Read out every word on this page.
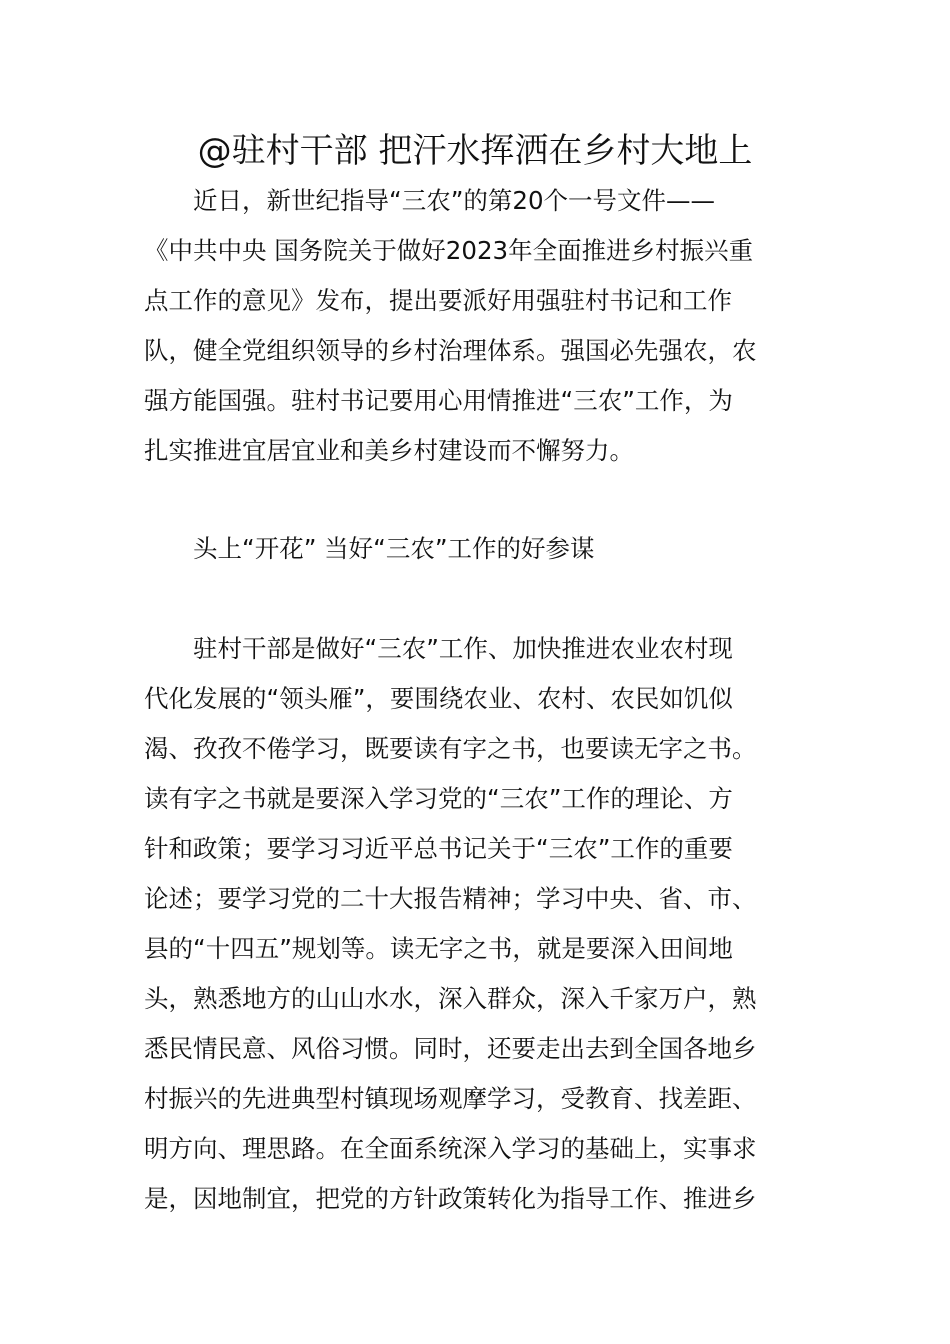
@驻村干部 把汗水挥洒在乡村大地上
近日，新世纪指导“三农”的第20个一号文件——
《中共中央 国务院关于做好2023年全面推进乡村振兴重
点工作的意见》发布，提出要派好用强驻村书记和工作
队，健全党组织领导的乡村治理体系。强国必先强农，农
强方能国强。驻村书记要用心用情推进“三农”工作，为
扎实推进宜居宜业和美乡村建设而不懈努力。
头上“开花” 当好“三农”工作的好参谋
驻村干部是做好“三农”工作、加快推进农业农村现
代化发展的“领头雁”，要围绕农业、农村、农民如饥似
渴、孜孜不倦学习，既要读有字之书，也要读无字之书。
读有字之书就是要深入学习党的“三农”工作的理论、方
针和政策；要学习习近平总书记关于“三农”工作的重要
论述；要学习党的二十大报告精神；学习中央、省、市、
县的“十四五”规划等。读无字之书，就是要深入田间地
头，熟悉地方的山山水水，深入群众，深入千家万户，熟
悉民情民意、风俗习惯。同时，还要走出去到全国各地乡
村振兴的先进典型村镇现场观摩学习，受教育、找差距、
明方向、理思路。在全面系统深入学习的基础上，实事求
是，因地制宜，把党的方针政策转化为指导工作、推进乡
